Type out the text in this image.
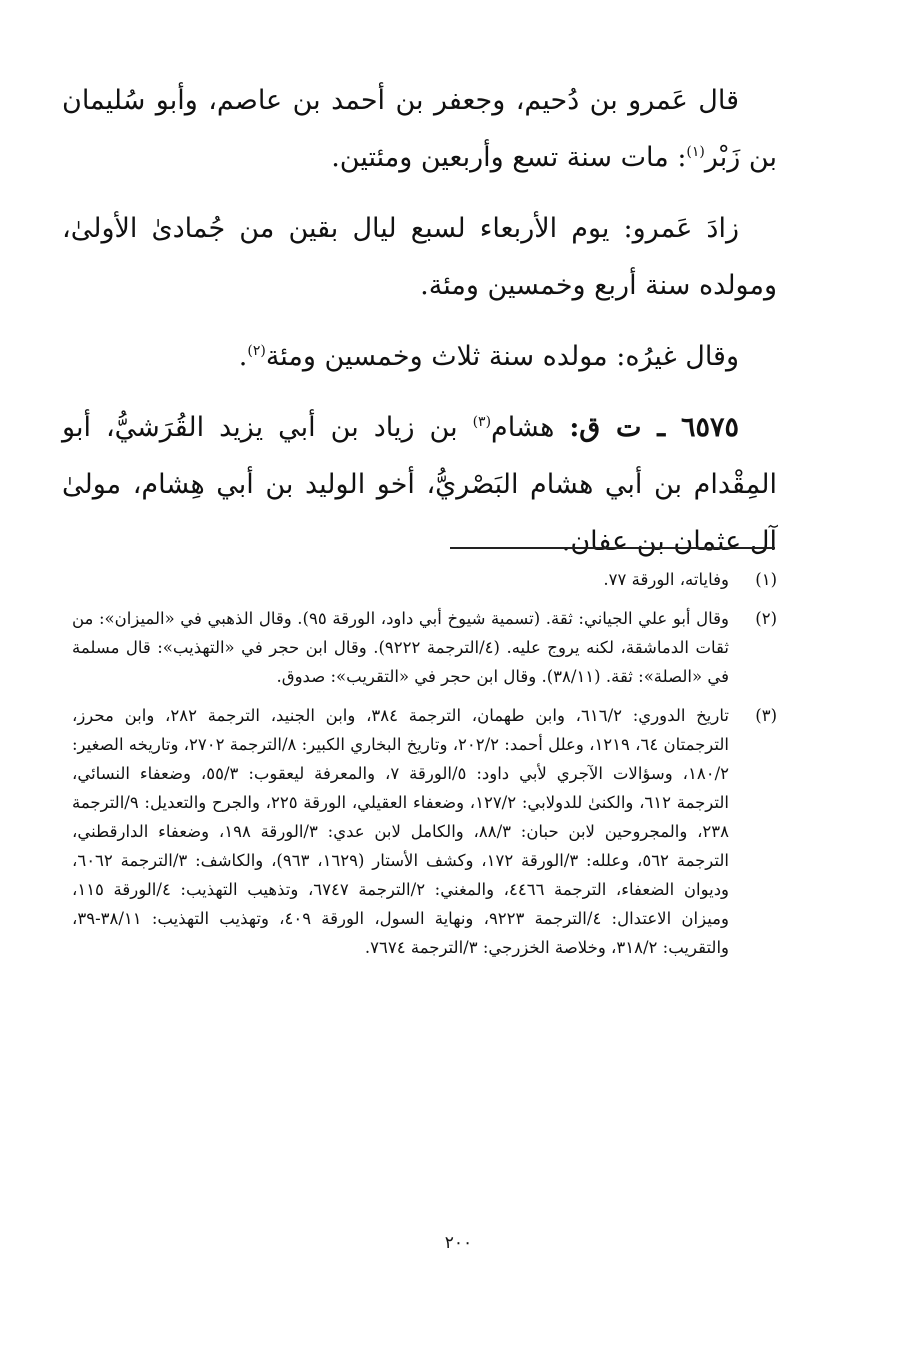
قال عَمرو بن دُحيم، وجعفر بن أحمد بن عاصم، وأبو سُليمان بن زَبْر$^{(١)}$: مات سنة تسع وأربعين ومئتين.

زادَ عَمرو: يوم الأربعاء لسبع ليال بقين من جُمادىٰ الأولىٰ، ومولده سنة أربع وخمسين ومئة.

وقال غيرُه: مولده سنة ثلاث وخمسين ومئة$^{(٢)}$.

٦٥٧٥ ـ ت ق: هشام$^{(٣)}$ بن زياد بن أبي يزيد القُرَشيُّ، أبو المِقْدام بن أبي هشام البَصْريُّ، أخو الوليد بن أبي هِشام، مولىٰ آل عثمان بن عفان.

(١)
وفاياته، الورقة ٧٧.
(٢)
وقال أبو علي الجياني: ثقة. (تسمية شيوخ أبي داود، الورقة ٩٥). وقال الذهبي في «الميزان»: من ثقات الدماشقة، لكنه يروج عليه. (٤/الترجمة ٩٢٢٢). وقال ابن حجر في «التهذيب»: قال مسلمة في «الصلة»: ثقة. (٣٨/١١). وقال ابن حجر في «التقريب»: صدوق.
(٣)
تاريخ الدوري: ٦١٦/٢، وابن طهمان، الترجمة ٣٨٤، وابن الجنيد، الترجمة ٢٨٢، وابن محرز، الترجمتان ٦٤، ١٢١٩، وعلل أحمد: ٢٠٢/٢، وتاريخ البخاري الكبير: ٨/الترجمة ٢٧٠٢، وتاريخه الصغير: ١٨٠/٢، وسؤالات الآجري لأبي داود: ٥/الورقة ٧، والمعرفة ليعقوب: ٥٥/٣، وضعفاء النسائي، الترجمة ٦١٢، والكنىٰ للدولابي: ١٢٧/٢، وضعفاء العقيلي، الورقة ٢٢٥، والجرح والتعديل: ٩/الترجمة ٢٣٨، والمجروحين لابن حبان: ٨٨/٣، والكامل لابن عدي: ٣/الورقة ١٩٨، وضعفاء الدارقطني، الترجمة ٥٦٢، وعلله: ٣/الورقة ١٧٢، وكشف الأستار (١٦٢٩، ٩٦٣)، والكاشف: ٣/الترجمة ٦٠٦٢، وديوان الضعفاء، الترجمة ٤٤٦٦، والمغني: ٢/الترجمة ٦٧٤٧، وتذهيب التهذيب: ٤/الورقة ١١٥، وميزان الاعتدال: ٤/الترجمة ٩٢٢٣، ونهاية السول، الورقة ٤٠٩، وتهذيب التهذيب: ٣٨/١١-٣٩، والتقريب: ٣١٨/٢، وخلاصة الخزرجي: ٣/الترجمة ٧٦٧٤.
٢٠٠
